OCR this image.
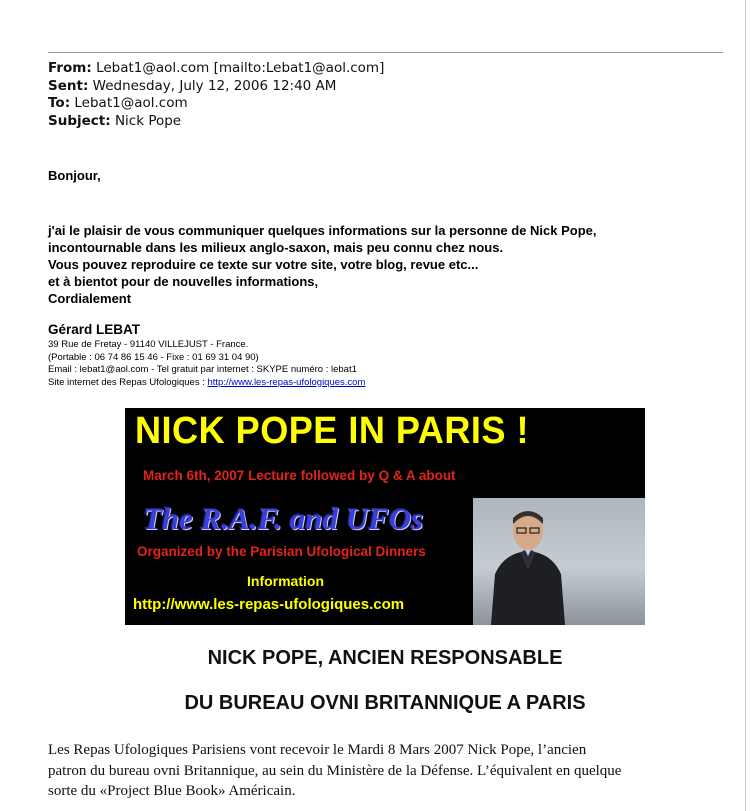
From: Lebat1@aol.com [mailto:Lebat1@aol.com]
Sent: Wednesday, July 12, 2006 12:40 AM
To: Lebat1@aol.com
Subject: Nick Pope
Bonjour,
j'ai le plaisir de vous communiquer quelques informations sur la personne de Nick Pope,
incontournable dans les milieux anglo-saxon, mais peu connu chez nous.
Vous pouvez reproduire ce texte sur votre site, votre blog, revue etc...
et à bientot pour de nouvelles informations,
Cordialement
Gérard LEBAT
39 Rue de Fretay - 91140 VILLEJUST - France.
(Portable : 06 74 86 15 46 - Fixe : 01 69 31 04 90)
Email : lebat1@aol.com - Tel gratuit par internet : SKYPE numéro : lebat1
Site internet des Repas Ufologiques : http://www.les-repas-ufologiques.com
NICK POPE IN PARIS !
March 6th, 2007 Lecture followed by Q & A about
The R.A.F. and UFOs
Organized by the Parisian Ufological Dinners
Information
http://www.les-repas-ufologiques.com
NICK POPE, ANCIEN RESPONSABLE
DU BUREAU OVNI BRITANNIQUE A PARIS
Les Repas Ufologiques Parisiens vont recevoir le Mardi 8 Mars 2007 Nick Pope, l’ancien
patron du bureau ovni Britannique, au sein du Ministère de la Défense. L’équivalent en quelque
sorte du «Project Blue Book» Américain.
